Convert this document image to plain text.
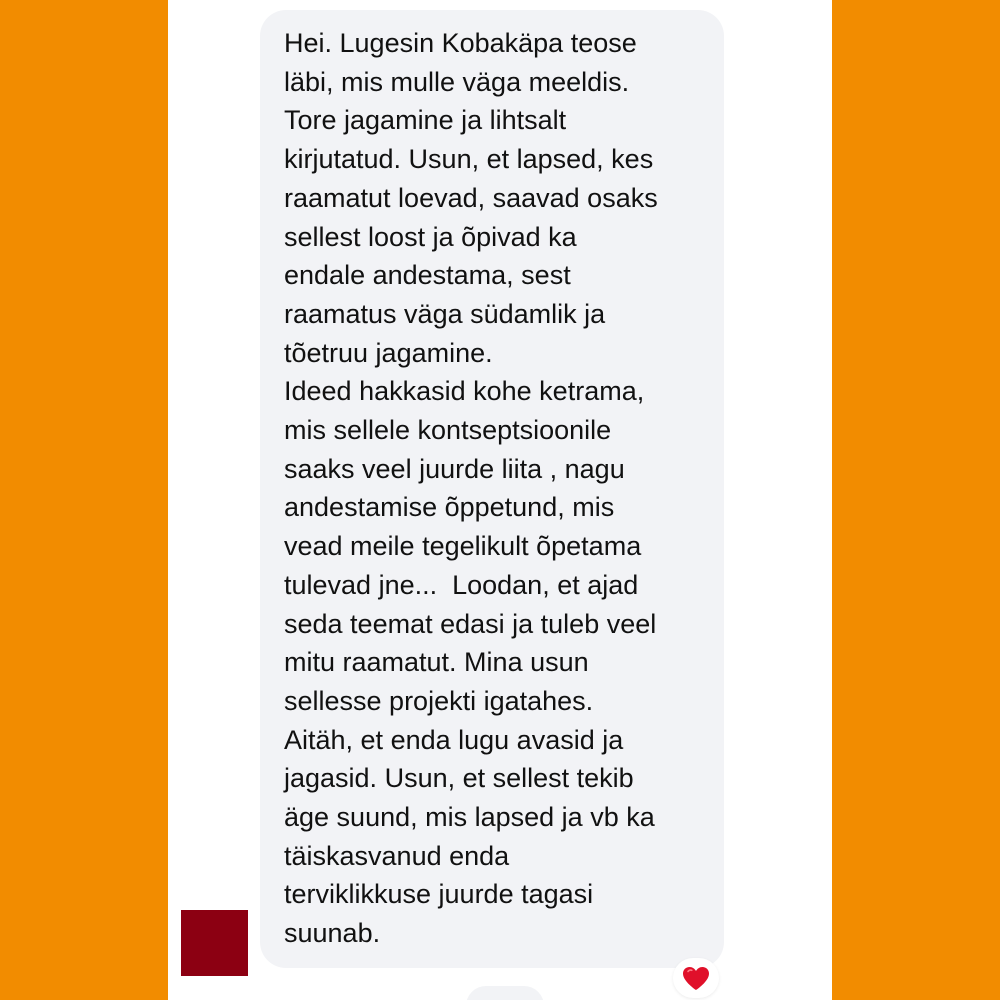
Hei. Lugesin Kobakäpa teose
läbi, mis mulle väga meeldis.
Tore jagamine ja lihtsalt
kirjutatud. Usun, et lapsed, kes
raamatut loevad, saavad osaks
sellest loost ja õpivad ka
endale andestama, sest
raamatus väga südamlik ja
tõetruu jagamine.
Ideed hakkasid kohe ketrama,
mis sellele kontseptsioonile
saaks veel juurde liita , nagu
andestamise õppetund, mis
vead meile tegelikult õpetama
tulevad jne...  Loodan, et ajad
seda teemat edasi ja tuleb veel
mitu raamatut. Mina usun
sellesse projekti igatahes.
Aitäh, et enda lugu avasid ja
jagasid. Usun, et sellest tekib
äge suund, mis lapsed ja vb ka
täiskasvanud enda
terviklikkuse juurde tagasi
suunab.
